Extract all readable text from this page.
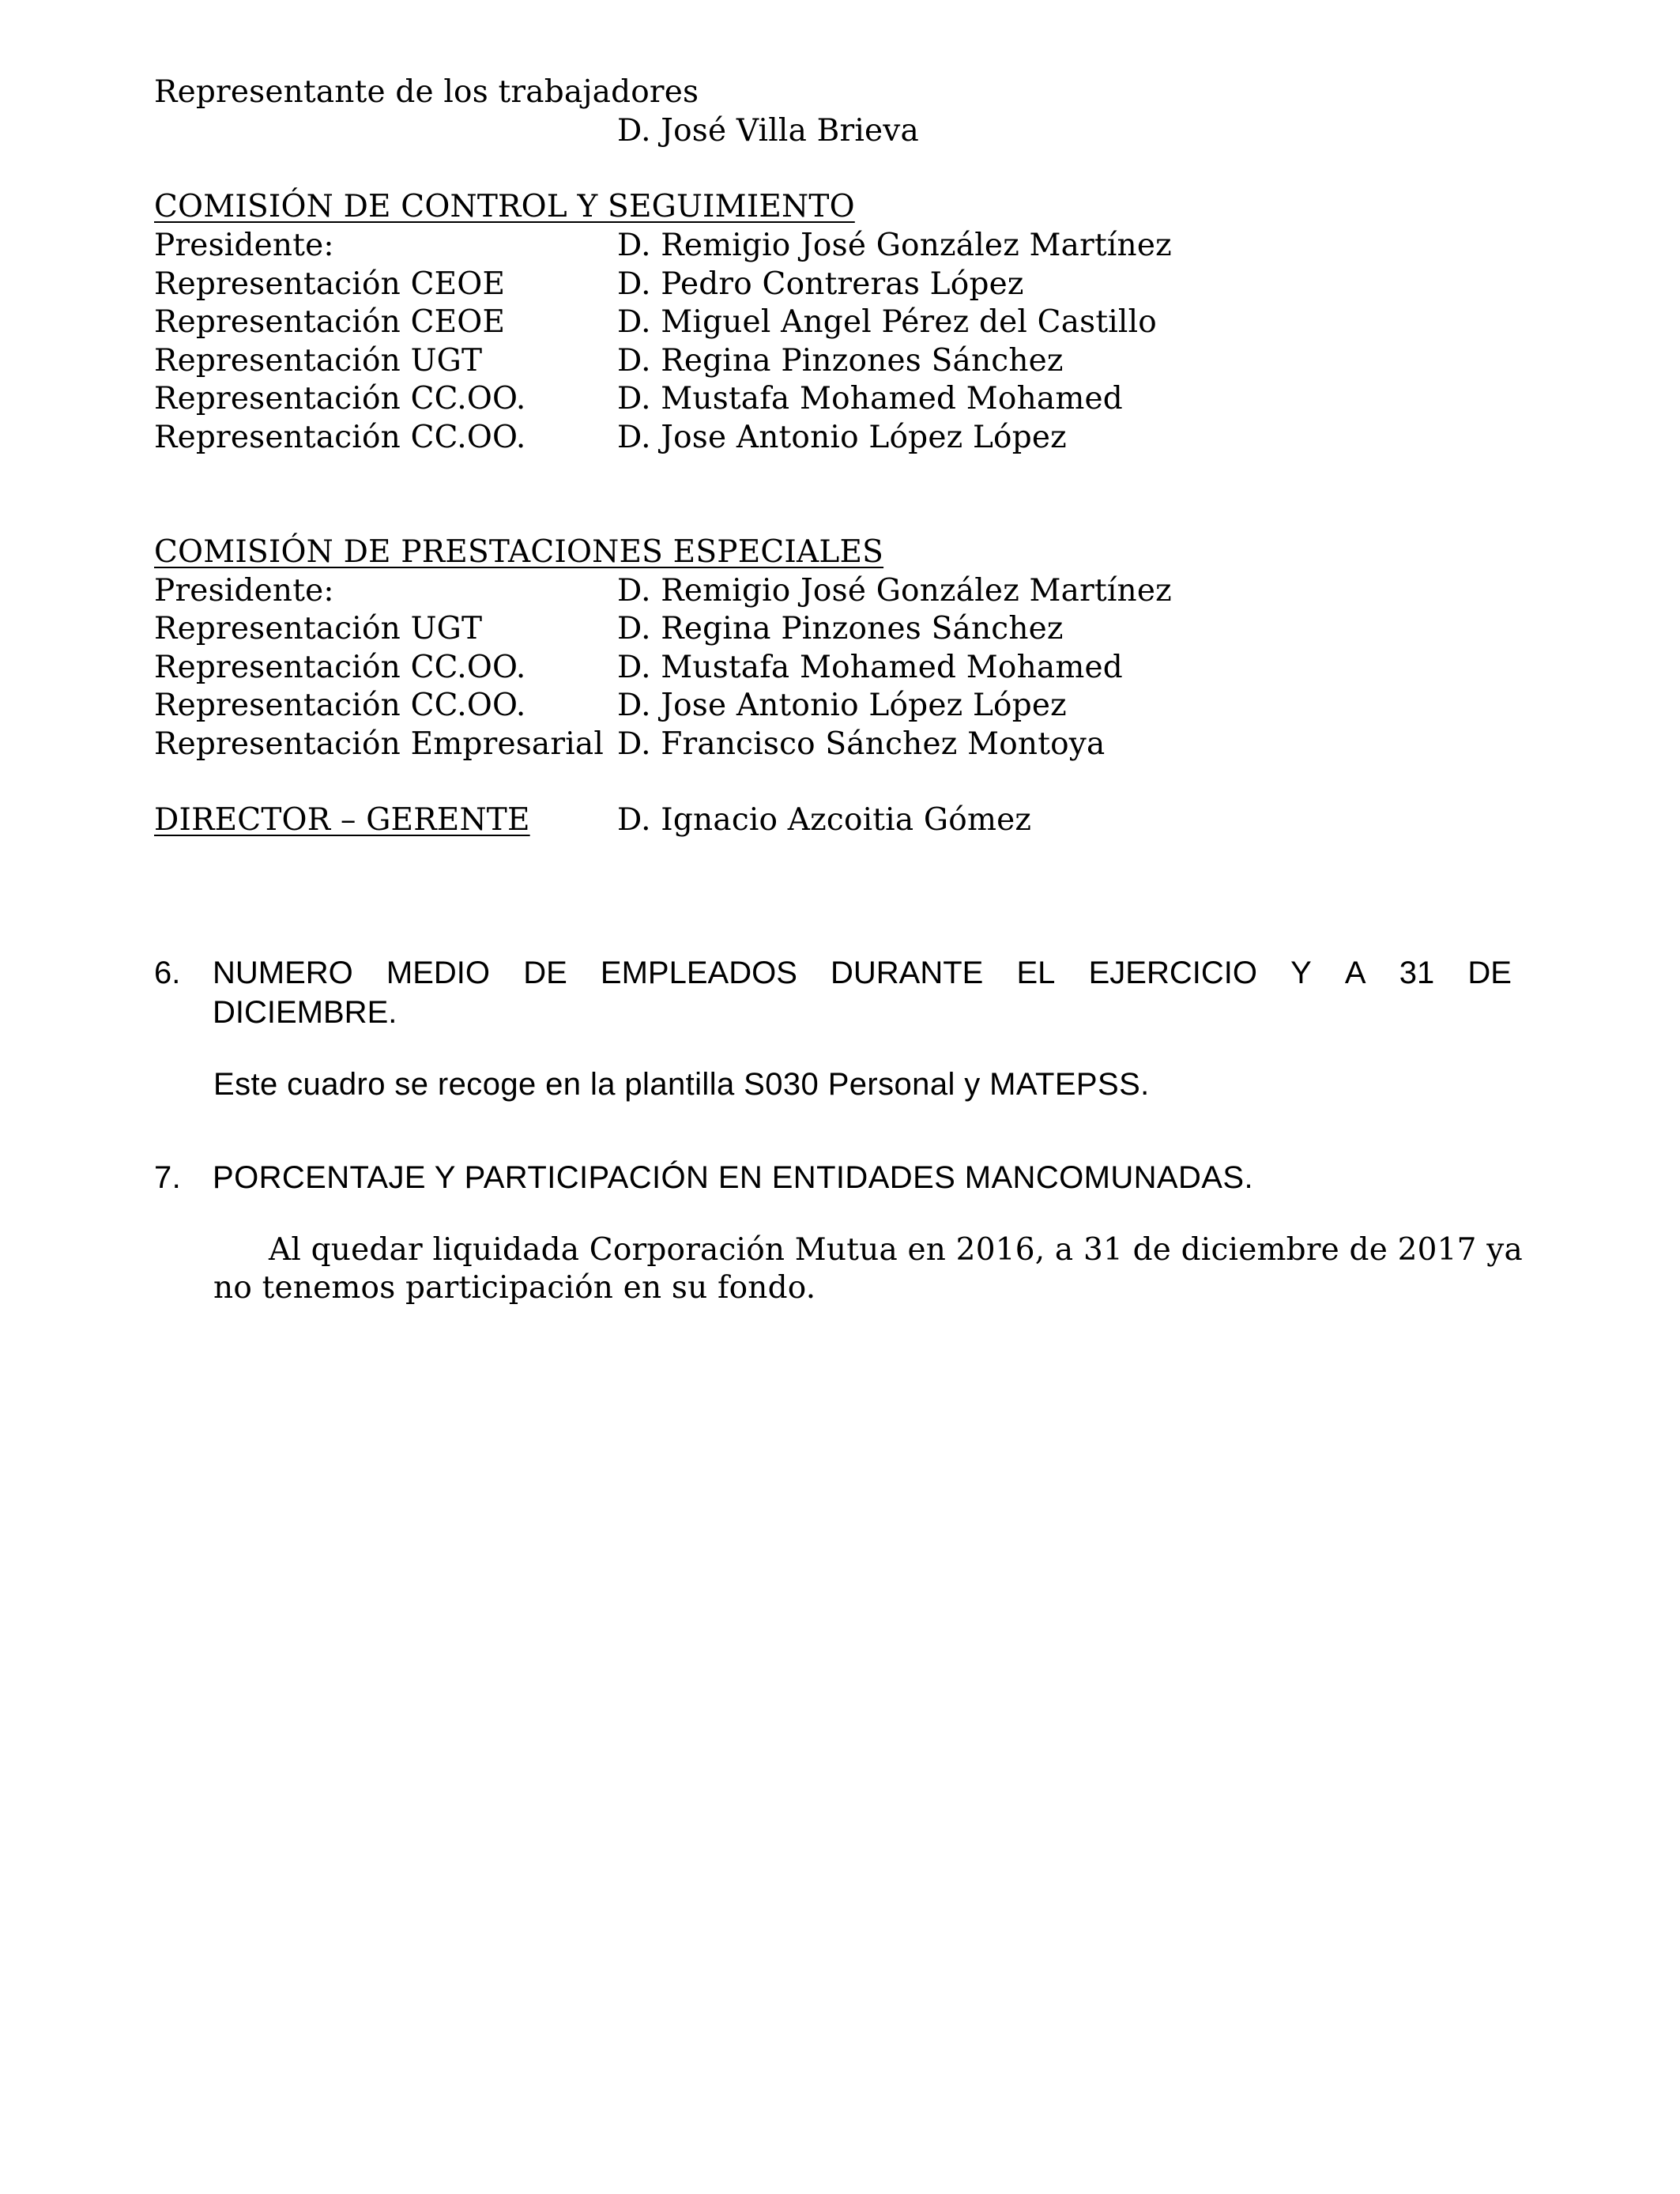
Representante de los trabajadores
D. José Villa Brieva
COMISIÓN DE CONTROL Y SEGUIMIENTO
Presidente:	D. Remigio José González Martínez
Representación CEOE	D. Pedro Contreras López
Representación CEOE	D. Miguel Angel Pérez del Castillo
Representación UGT	D. Regina Pinzones Sánchez
Representación CC.OO.	D. Mustafa Mohamed Mohamed
Representación CC.OO.	D. Jose Antonio López López
COMISIÓN DE PRESTACIONES ESPECIALES
Presidente:	D. Remigio José González Martínez
Representación UGT	D. Regina Pinzones Sánchez
Representación CC.OO.	D. Mustafa Mohamed Mohamed
Representación CC.OO.	D. Jose Antonio López López
Representación Empresarial D. Francisco Sánchez Montoya
DIRECTOR – GERENTE	D. Ignacio Azcoitia Gómez
6. NUMERO MEDIO DE EMPLEADOS DURANTE EL EJERCICIO Y A 31 DE
DICIEMBRE.
Este cuadro se recoge en la plantilla S030 Personal y MATEPSS.
7. PORCENTAJE Y PARTICIPACIÓN EN ENTIDADES MANCOMUNADAS.
Al quedar liquidada Corporación Mutua en 2016, a 31 de diciembre de 2017 ya
no tenemos participación en su fondo.
